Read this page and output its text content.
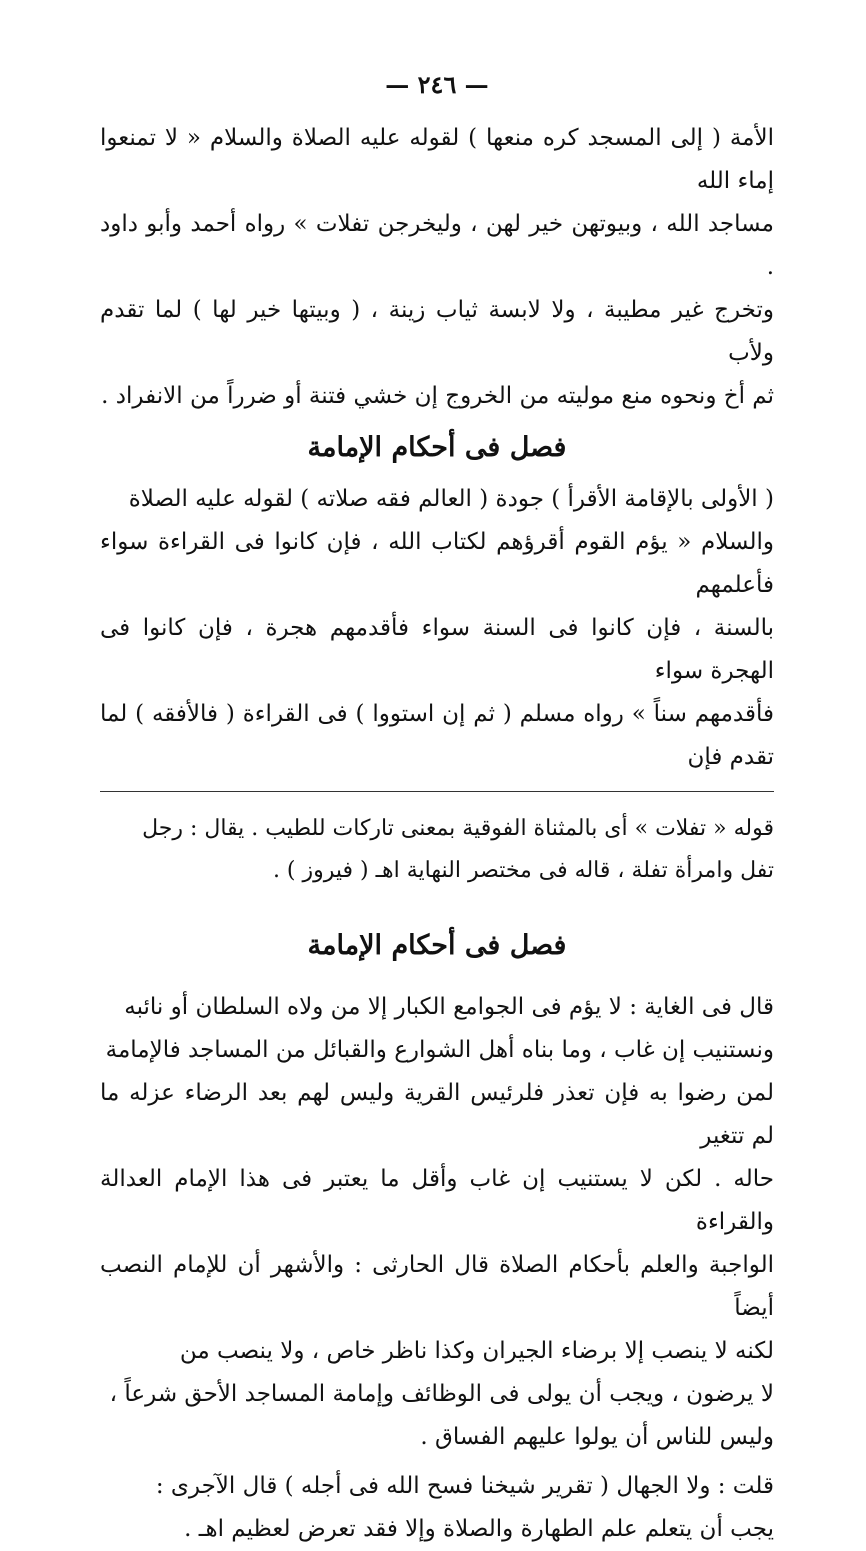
— ٢٤٦ —

الأمة ( إلى المسجد كره منعها ) لقوله عليه الصلاة والسلام « لا تمنعوا إماء الله

مساجد الله ، وبيوتهن خير لهن ، وليخرجن تفلات » رواه أحمد وأبو داود .

وتخرج غير مطيبة ، ولا لابسة ثياب زينة ، ( وبيتها خير لها ) لما تقدم ولأب

ثم أخ ونحوه منع موليته من الخروج إن خشي فتنة أو ضرراً من الانفراد .

فصل فى أحكام الإمامة

( الأولى بالإقامة الأقرأ ) جودة ( العالم فقه صلاته ) لقوله عليه الصلاة

والسلام « يؤم القوم أقرؤهم لكتاب الله ، فإن كانوا فى القراءة سواء فأعلمهم

بالسنة ، فإن كانوا فى السنة سواء فأقدمهم هجرة ، فإن كانوا فى الهجرة سواء

فأقدمهم سناً » رواه مسلم ( ثم إن استووا ) فى القراءة ( فالأفقه ) لما تقدم فإن

قوله « تفلات » أى بالمثناة الفوقية بمعنى تاركات للطيب . يقال : رجل

تفل وامرأة تفلة ، قاله فى مختصر النهاية اهـ ( فيروز ) .

فصل فى أحكام الإمامة

قال فى الغاية : لا يؤم فى الجوامع الكبار إلا من ولاه السلطان أو نائبه

ونستنيب إن غاب ، وما بناه أهل الشوارع والقبائل من المساجد فالإمامة

لمن رضوا به فإن تعذر فلرئيس القرية وليس لهم بعد الرضاء عزله ما لم تتغير

حاله . لكن لا يستنيب إن غاب وأقل ما يعتبر فى هذا الإمام العدالة والقراءة

الواجبة والعلم بأحكام الصلاة قال الحارثى : والأشهر أن للإمام النصب أيضاً

لكنه لا ينصب إلا برضاء الجيران وكذا ناظر خاص ، ولا ينصب من

لا يرضون ، ويجب أن يولى فى الوظائف وإمامة المساجد الأحق شرعاً ،

وليس للناس أن يولوا عليهم الفساق .

قلت : ولا الجهال ( تقرير شيخنا فسح الله فى أجله ) قال الآجرى :

يجب أن يتعلم علم الطهارة والصلاة وإلا فقد تعرض لعظيم اهـ .
